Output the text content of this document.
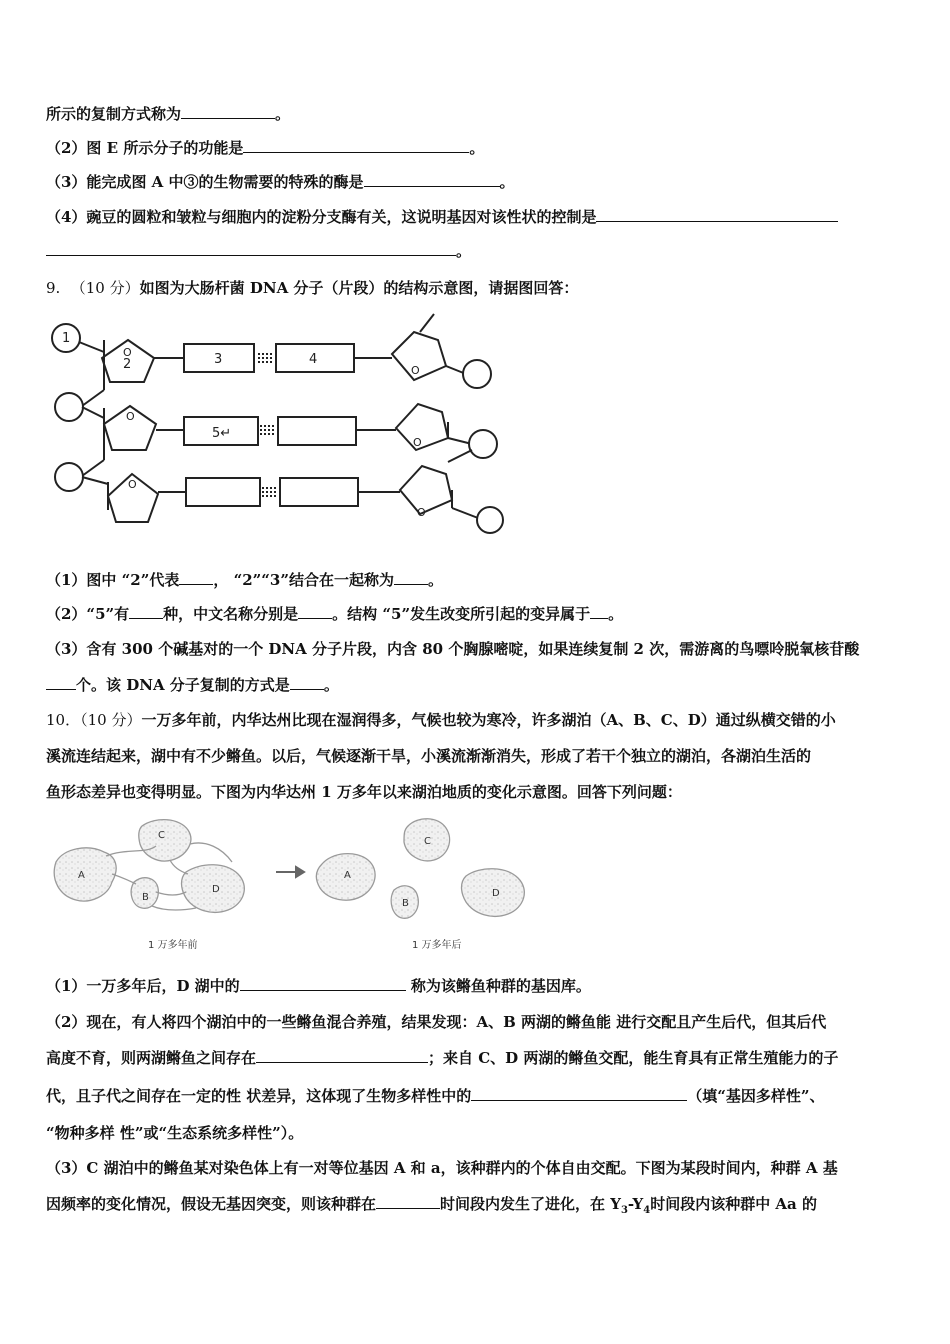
所示的复制方式称为	。
（2）图 E 所示分子的功能是	。
（3）能完成图 A 中③的生物需要的特殊的酶是	。
（4）豌豆的圆粒和皱粒与细胞内的淀粉分支酶有关，这说明基因对该性状的控制是
。
9. （10 分）如图为大肠杆菌 DNA 分子（片段）的结构示意图，请据图回答：
1
2	3	4
5↵
O
O
O
O
O
O
（1）图中 “2”代表 ， “2”“3”结合在一起称为 。
（2）“5”有 种，中文名称分别是 。结构 “5”发生改变所引起的变异属于 。
（3）含有 300 个碱基对的一个 DNA 分子片段，内含 80 个胸腺嘧啶，如果连续复制 2 次，需游离的鸟嘌呤脱氧核苷酸
个。该 DNA 分子复制的方式是 。
10．（10 分）一万多年前，内华达州比现在湿润得多，气候也较为寒冷，许多湖泊（A、B、C、D）通过纵横交错的小
溪流连结起来，湖中有不少鳉鱼。以后，气候逐渐干旱，小溪流渐渐消失，形成了若干个独立的湖泊，各湖泊生活的
鱼形态差异也变得明显。下图为内华达州 1 万多年以来湖泊地质的变化示意图。回答下列问题：
A
B
C
D
A
B
C
D
1 万多年前	1 万多年后
（1）一万多年后，D 湖中的	称为该鳉鱼种群的基因库。
（2）现在，有人将四个湖泊中的一些鳉鱼混合养殖，结果发现：A、B 两湖的鳉鱼能 进行交配且产生后代，但其后代
高度不育，则两湖鳉鱼之间存在	；来自 C、D 两湖的鳉鱼交配，能生育具有正常生殖能力的子
代，且子代之间存在一定的性 状差异，这体现了生物多样性中的	（填“基因多样性”、
“物种多样 性”或“生态系统多样性”）。
（3）C 湖泊中的鳉鱼某对染色体上有一对等位基因 A 和 a，该种群内的个体自由交配。下图为某段时间内，种群 A 基
因频率的变化情况，假设无基因突变，则该种群在	时间段内发生了进化，在 $Y_3-Y_4$时间段内该种群中 Aa 的
